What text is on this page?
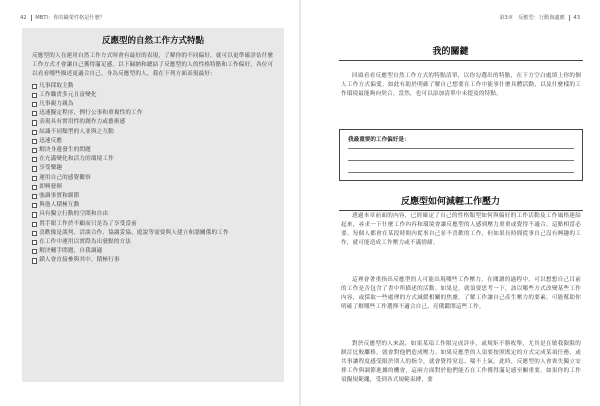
42 MBTI：你的職業性格是什麼？
反應型的自然工作方式特點

反應型的人在運用自然工作方式時會有最好的表現，了解你的不同偏好，就可以更準確評估什麼工作方式才會讓自己獲得滿足感。以下歸納和總結了反應型的人的性格特點和工作偏好，各位可以看看哪些描述更適合自己。身為反應型的人，我在下列方面表現最好：

凡事採取主動
工作職責多元且富變化
凡事親力親為
迅速擬定程序，例行公事和重複性的工作
表現具有實用性的創作力或藝術感
結識不同類型的人並與之互動
迅速反應
解決身邊發生的問題
在充滿變化和活力的環境工作
享受樂趣
運用自己的感覺觀察
即興發揮
強調事實和細節
與他人積極互動
具有獨立行動的空間和自由
置手眼工作於不顧而只是為了享受當前
喜歡像是談判、洽談合作、協調妥協、遊說等需要與人建立和諧關係的工作
在工作中運用以實際為出發點的方法
解決輔手問題，自我調適
鎖人會直接參與其中，積極行事
第3章　反應型：行動與適應 43
我的關鍵

回頭看看反應型自然工作方式的特點清單，以你勾選出的特點，在下方空白處填上你的個人工作方式偏愛。如此有助於明確了解自己想要在工作中能事什麼具體活動，以及什麼樣的工作環境最能夠向契合。當然，也可以添加清單中未提及的特點。

我最重要的工作偏好是：
反應型如何減輕工作壓力

透過本章前面的內容，已經確定了自己的性格類型如何與偏好的工作活動及工作風格連結起來，尋求一下什麼工作內容和環境會讓反應型的人感到壓力重重或覺得不適合，這點相當必要。每個人都會在某段時間內從事自己並不喜歡的工作，但如果長時間從事自己沒有興趣的工作，就可能造成工作壓力或不滿情緒。

這裡會著重指出反應型的人可能出現哪些工作壓力，在閱讀的過程中，可以想想自己目前的工作是否包含了書中所描述的活動。如果是，就須要思考一下，該以哪些方式改變某些工作內容，或採取一些處理的方式減緩相關的焦慮，了解工作讓自己產生壓力的要素，可能幫助你明確了解哪些工作選擇不適合自己，亮俄鑑開這些工作。

對於反應型的人來說，如果某項工作限完成詳步，或規矩不勝枚舉，尤其是在敏我限限的制訂比較繼格，就會對他們造成壓力。如果反應型的人須要按照既定的方式完成某項任務，或共事讓程度感受限於別人的指令，就會覺得窒息、喘不上氣。此時，反應型的人會喪失獨立安排工作與調節進據的機會，這兩方面對於他們能否在工作獲得滿足感至關重要。如果你的工作須擬規範繩，受到各式規範束縛，要
